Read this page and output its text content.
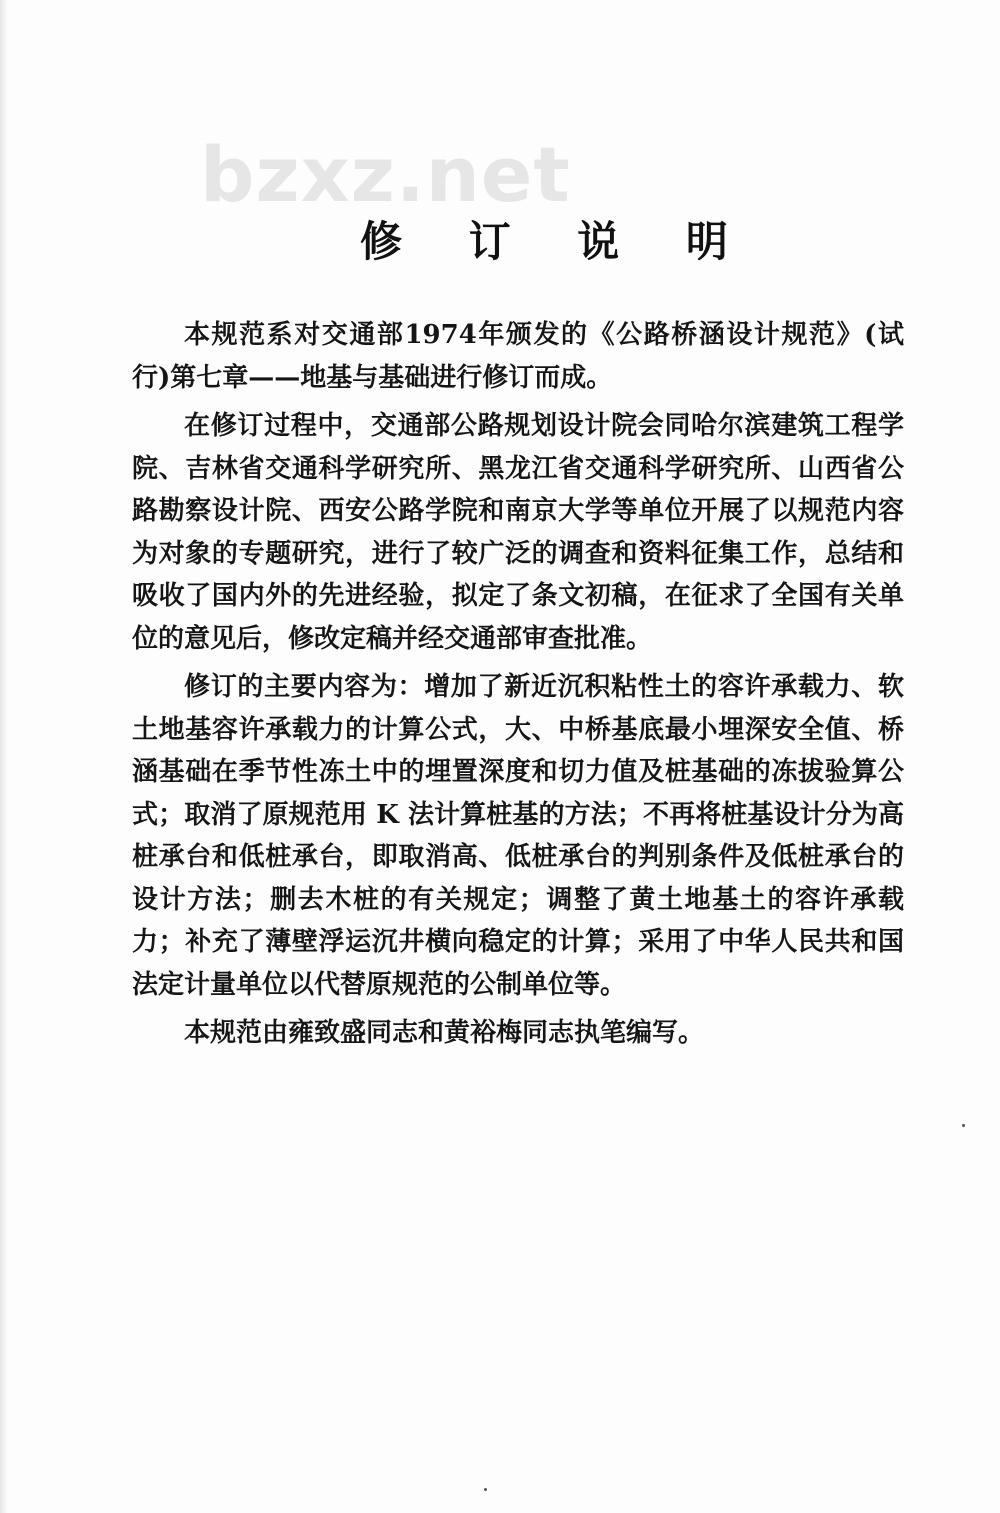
bzxz.net
修 订 说 明

本规范系对交通部1974年颁发的《公路桥涵设计规范》(试行)第七章——地基与基础进行修订而成。

在修订过程中，交通部公路规划设计院会同哈尔滨建筑工程学院、吉林省交通科学研究所、黑龙江省交通科学研究所、山西省公路勘察设计院、西安公路学院和南京大学等单位开展了以规范内容为对象的专题研究，进行了较广泛的调查和资料征集工作，总结和吸收了国内外的先进经验，拟定了条文初稿，在征求了全国有关单位的意见后，修改定稿并经交通部审查批准。

修订的主要内容为：增加了新近沉积粘性土的容许承载力、软土地基容许承载力的计算公式，大、中桥基底最小埋深安全值、桥涵基础在季节性冻土中的埋置深度和切力值及桩基础的冻拔验算公式；取消了原规范用 K 法计算桩基的方法；不再将桩基设计分为高桩承台和低桩承台，即取消高、低桩承台的判别条件及低桩承台的设计方法；删去木桩的有关规定；调整了黄土地基土的容许承载力；补充了薄壁浮运沉井横向稳定的计算；采用了中华人民共和国法定计量单位以代替原规范的公制单位等。

本规范由雍致盛同志和黄裕梅同志执笔编写。
